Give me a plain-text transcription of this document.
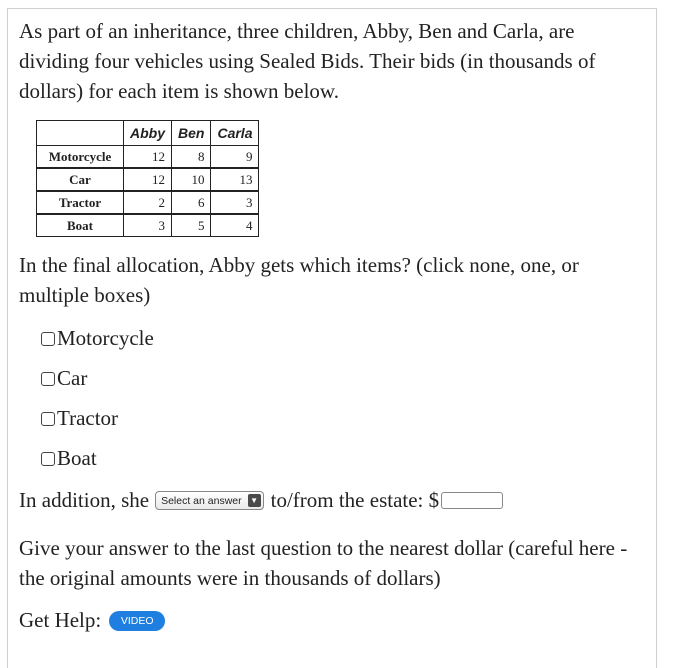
As part of an inheritance, three children, Abby, Ben and Carla, are dividing four vehicles using Sealed Bids. Their bids (in thousands of dollars) for each item is shown below.

	Abby	Ben	Carla
Motorcycle	12	8	9
Car	12	10	13
Tractor	2	6	3
Boat	3	5	4

In the final allocation, Abby gets which items? (click none, one, or multiple boxes)

Motorcycle
Car
Tractor
Boat
In addition, she Select an answer	▼ to/from the estate: $

Give your answer to the last question to the nearest dollar (careful here - the original amounts were in thousands of dollars)

Get Help:	VIDEO
